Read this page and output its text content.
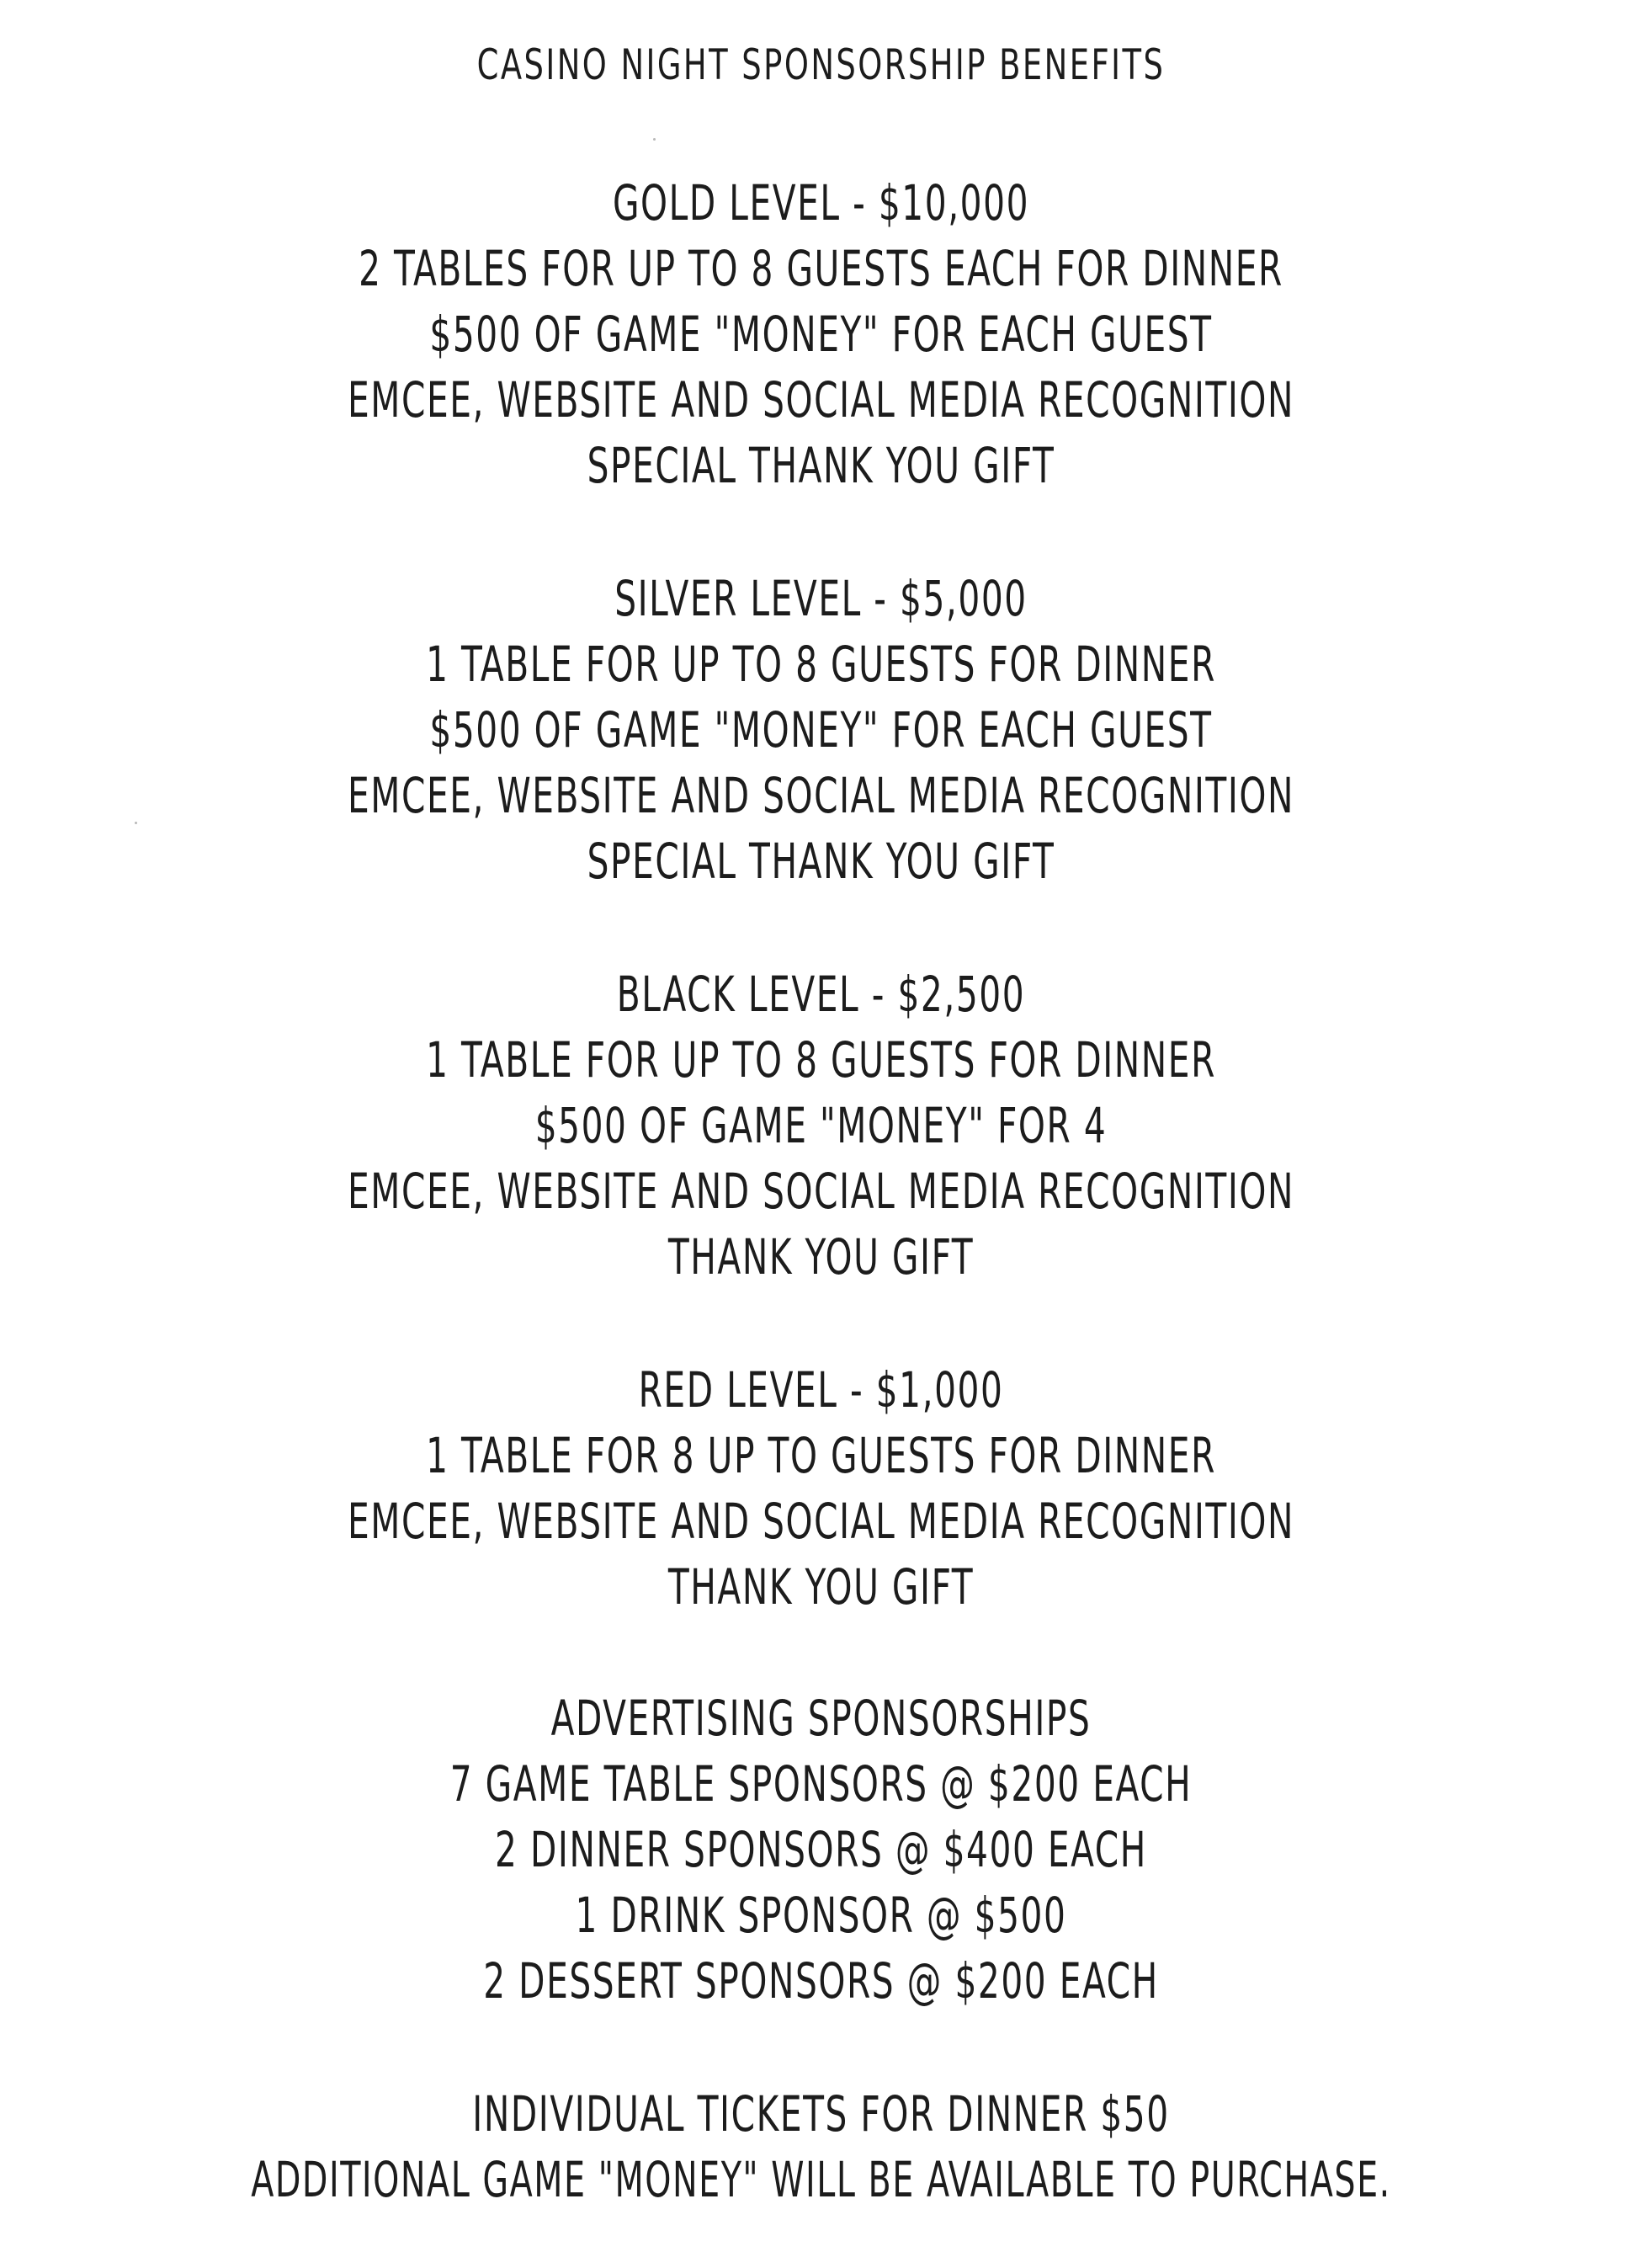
CASINO NIGHT SPONSORSHIP BENEFITS
GOLD LEVEL - $10,000
2 TABLES FOR UP TO 8 GUESTS EACH FOR DINNER
$500 OF GAME "MONEY" FOR EACH GUEST
EMCEE, WEBSITE AND SOCIAL MEDIA RECOGNITION
SPECIAL THANK YOU GIFT
SILVER LEVEL - $5,000
1 TABLE FOR UP TO 8 GUESTS FOR DINNER
$500 OF GAME "MONEY" FOR EACH GUEST
EMCEE, WEBSITE AND SOCIAL MEDIA RECOGNITION
SPECIAL THANK YOU GIFT
BLACK LEVEL - $2,500
1 TABLE FOR UP TO 8 GUESTS FOR DINNER
$500 OF GAME "MONEY" FOR 4
EMCEE, WEBSITE AND SOCIAL MEDIA RECOGNITION
THANK YOU GIFT
RED LEVEL - $1,000
1 TABLE FOR 8 UP TO GUESTS FOR DINNER
EMCEE, WEBSITE AND SOCIAL MEDIA RECOGNITION
THANK YOU GIFT
ADVERTISING SPONSORSHIPS
7 GAME TABLE SPONSORS @ $200 EACH
2 DINNER SPONSORS @ $400 EACH
1 DRINK SPONSOR @ $500
2 DESSERT SPONSORS @ $200 EACH
INDIVIDUAL TICKETS FOR DINNER $50
ADDITIONAL GAME "MONEY" WILL BE AVAILABLE TO PURCHASE.
